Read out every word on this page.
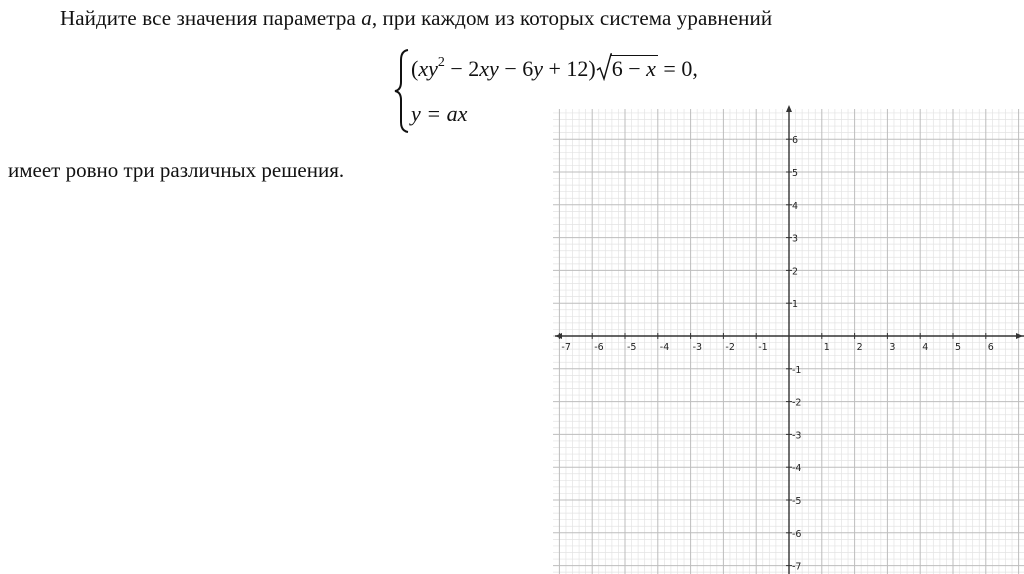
Найдите все значения параметра a, при каждом из которых система уравнений
$(xy^2 - 2xy - 6y + 12) 6 - x = 0$,
y = ax
имеет ровно три различных решения.
-7 -6 -5 -4 -3 -2 -1	1	2	3	4	5	6
6
5
4
3
2
1
-1
-2
-3
-4
-5
-6
-7
